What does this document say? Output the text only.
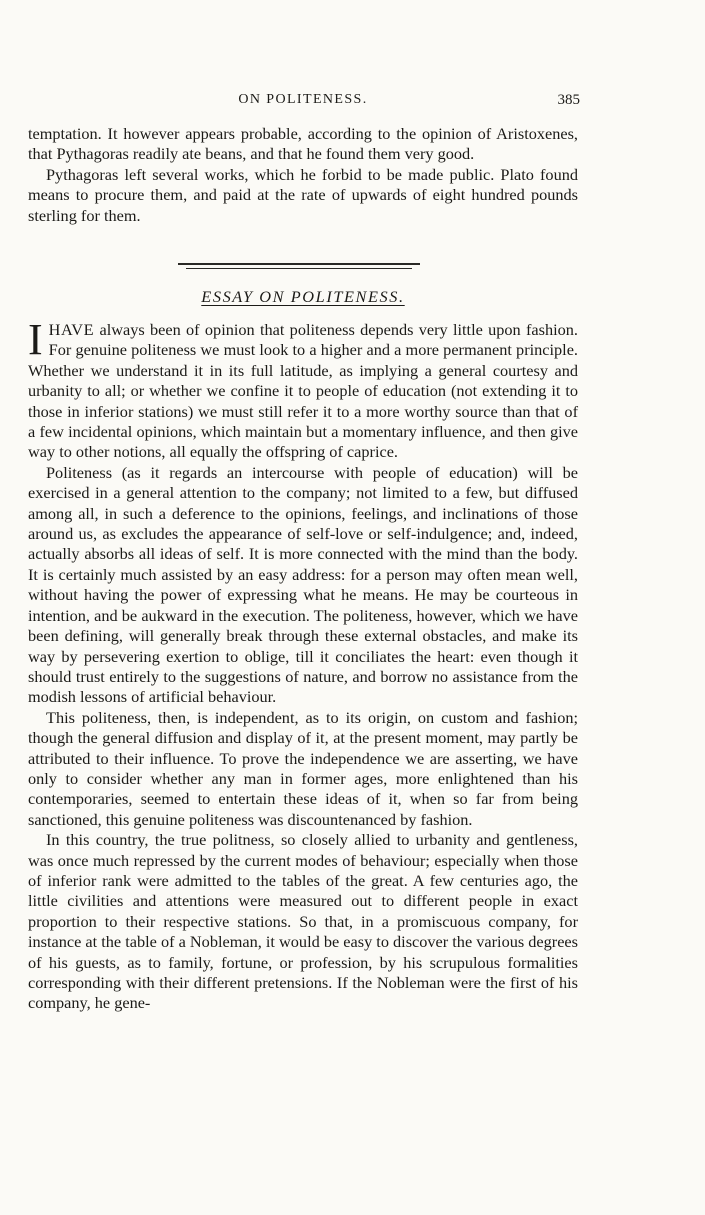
ON POLITENESS.	385

temptation. It however appears probable, according to the opinion of Aristoxenes, that Pythagoras readily ate beans, and that he found them very good.

Pythagoras left several works, which he forbid to be made public. Plato found means to procure them, and paid at the rate of upwards of eight hundred pounds sterling for them.

ESSAY ON POLITENESS.

IHAVE always been of opinion that politeness depends very little upon fashion. For genuine politeness we must look to a higher and a more permanent principle. Whether we understand it in its full latitude, as implying a general courtesy and urbanity to all; or whether we confine it to people of education (not extending it to those in inferior stations) we must still refer it to a more worthy source than that of a few incidental opinions, which maintain but a momentary influence, and then give way to other notions, all equally the offspring of caprice.

Politeness (as it regards an intercourse with people of education) will be exercised in a general attention to the company; not limited to a few, but diffused among all, in such a deference to the opinions, feelings, and inclinations of those around us, as excludes the appearance of self-love or self-indulgence; and, indeed, actually absorbs all ideas of self. It is more connected with the mind than the body. It is certainly much assisted by an easy address: for a person may often mean well, without having the power of expressing what he means. He may be courteous in intention, and be aukward in the execution. The politeness, however, which we have been defining, will generally break through these external obstacles, and make its way by persevering exertion to oblige, till it conciliates the heart: even though it should trust entirely to the suggestions of nature, and borrow no assistance from the modish lessons of artificial behaviour.

This politeness, then, is independent, as to its origin, on custom and fashion; though the general diffusion and display of it, at the present moment, may partly be attributed to their influence. To prove the independence we are asserting, we have only to consider whether any man in former ages, more enlightened than his contemporaries, seemed to entertain these ideas of it, when so far from being sanctioned, this genuine politeness was discountenanced by fashion.

In this country, the true politness, so closely allied to urbanity and gentleness, was once much repressed by the current modes of behaviour; especially when those of inferior rank were admitted to the tables of the great. A few centuries ago, the little civilities and attentions were measured out to different people in exact proportion to their respective stations. So that, in a promiscuous company, for instance at the table of a Nobleman, it would be easy to discover the various degrees of his guests, as to family, fortune, or profession, by his scrupulous formalities corresponding with their different pretensions. If the Nobleman were the first of his company, he gene-
